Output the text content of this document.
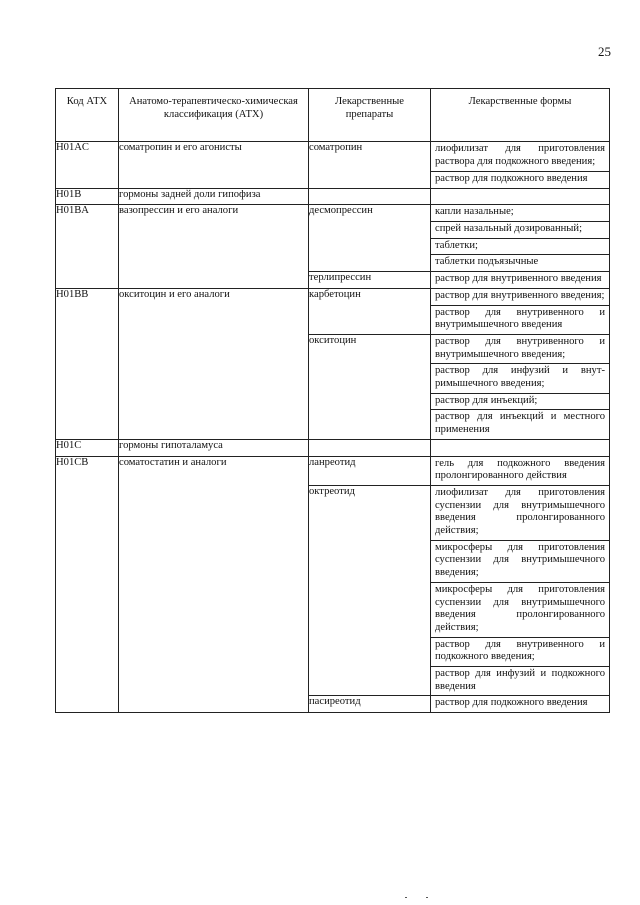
25
Код АТХ	Анатомо-терапевтическо-химическая классификация (АТХ)	Лекарственные препараты	Лекарственные формы
H01AC	соматропин и его агонисты	соматропин	лиофилизат для приготовления раствора для подкожного введения;
раствор для подкожного введения

H01B	гормоны задней доли гипофиза		

H01BA	вазопрессин и его аналоги	десмопрессин	капли назальные;
спрей назальный дозированный;
таблетки;
таблетки подъязычные

		терлипрессин	раствор для внутривенного введения

H01BB	окситоцин и его аналоги	карбетоцин	раствор для внутривенного введения;
раствор для внутривенного и внутримышечного введения

		окситоцин	раствор для внутривенного и внутримышечного введения;
раствор для инфузий и внутримышечного введения;
раствор для инъекций;
раствор для инъекций и местного применения

H01C	гормоны гипоталамуса		

H01CB	соматостатин и аналоги	ланреотид	гель для подкожного введения пролонгированного действия

		октреотид	лиофилизат для приготовления суспензии для внутримышечного введения пролонгированного действия;
микросферы для приготовления суспензии для внутримышечного введения;
микросферы для приготовления суспензии для внутримышечного введения пролонгированного действия;
раствор для внутривенного и подкожного введения;
раствор для инфузий и подкожного введения

		пасиреотид	раствор для подкожного введения
